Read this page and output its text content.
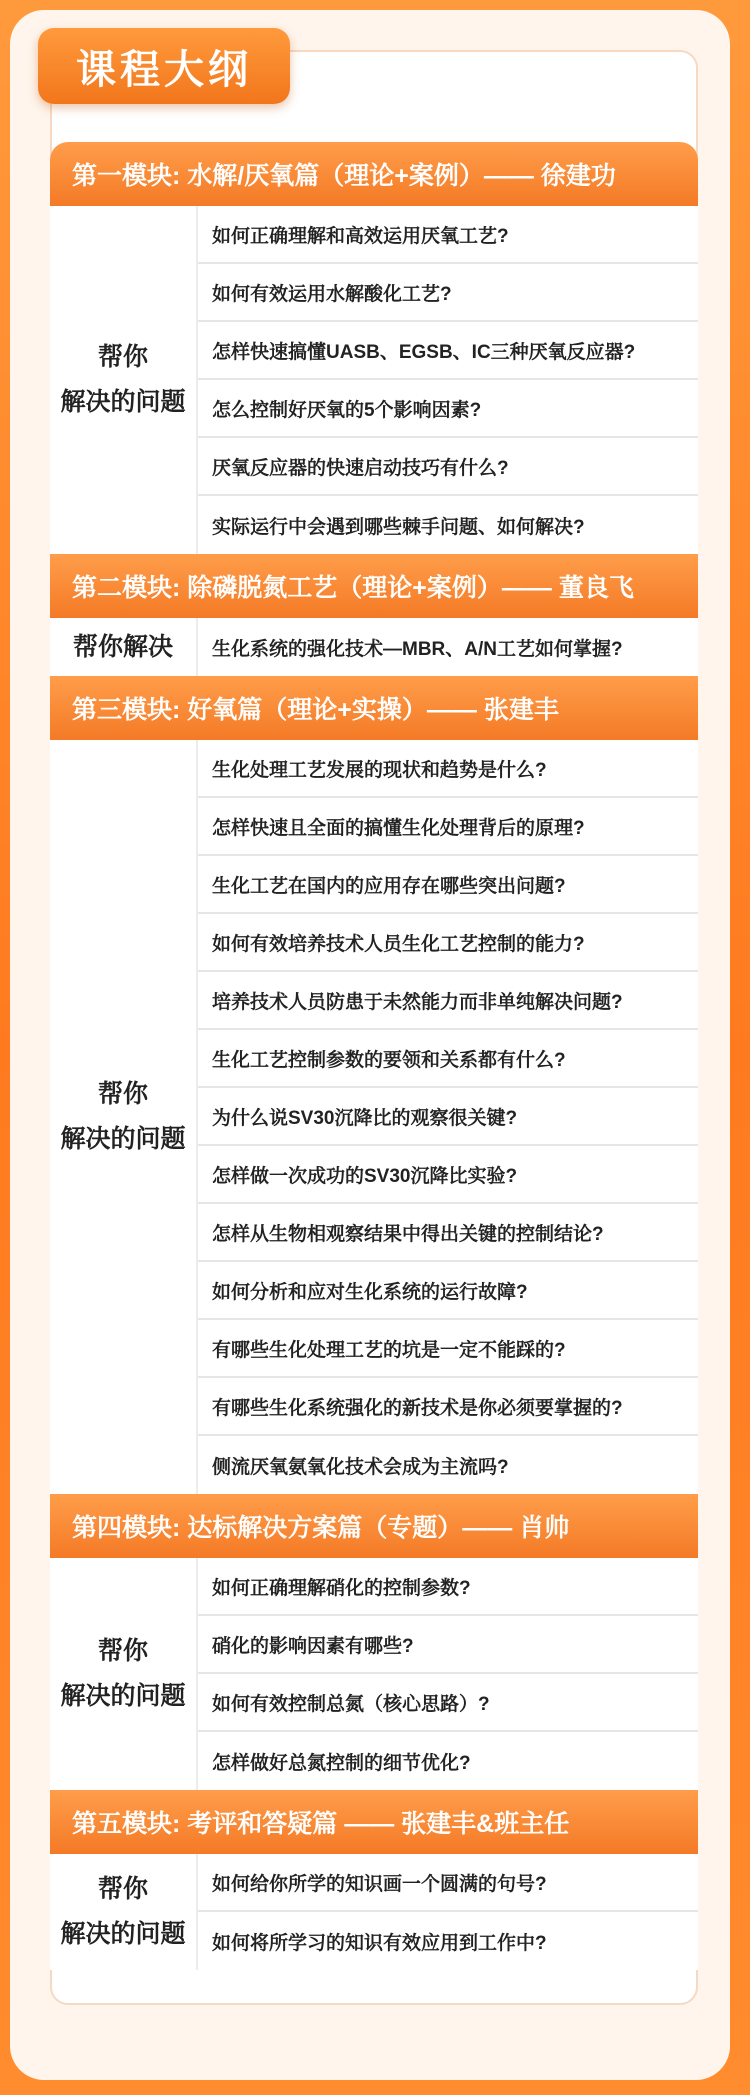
课程大纲
第一模块: 水解/厌氧篇（理论+案例）—— 徐建功
帮你
解决的问题
如何正确理解和高效运用厌氧工艺?
如何有效运用水解酸化工艺?
怎样快速搞懂UASB、EGSB、IC三种厌氧反应器?
怎么控制好厌氧的5个影响因素?
厌氧反应器的快速启动技巧有什么?
实际运行中会遇到哪些棘手问题、如何解决?
第二模块: 除磷脱氮工艺（理论+案例）—— 董良飞
帮你解决	生化系统的强化技术—MBR、A/N工艺如何掌握?
第三模块: 好氧篇（理论+实操）—— 张建丰
帮你
解决的问题
生化处理工艺发展的现状和趋势是什么?
怎样快速且全面的搞懂生化处理背后的原理?
生化工艺在国内的应用存在哪些突出问题?
如何有效培养技术人员生化工艺控制的能力?
培养技术人员防患于未然能力而非单纯解决问题?
生化工艺控制参数的要领和关系都有什么?
为什么说SV30沉降比的观察很关键?
怎样做一次成功的SV30沉降比实验?
怎样从生物相观察结果中得出关键的控制结论?
如何分析和应对生化系统的运行故障?
有哪些生化处理工艺的坑是一定不能踩的?
有哪些生化系统强化的新技术是你必须要掌握的?
侧流厌氧氨氧化技术会成为主流吗?
第四模块: 达标解决方案篇（专题）—— 肖帅
帮你
解决的问题
如何正确理解硝化的控制参数?
硝化的影响因素有哪些?
如何有效控制总氮（核心思路）?
怎样做好总氮控制的细节优化?
第五模块: 考评和答疑篇 —— 张建丰&班主任
帮你
解决的问题
如何给你所学的知识画一个圆满的句号?
如何将所学习的知识有效应用到工作中?
